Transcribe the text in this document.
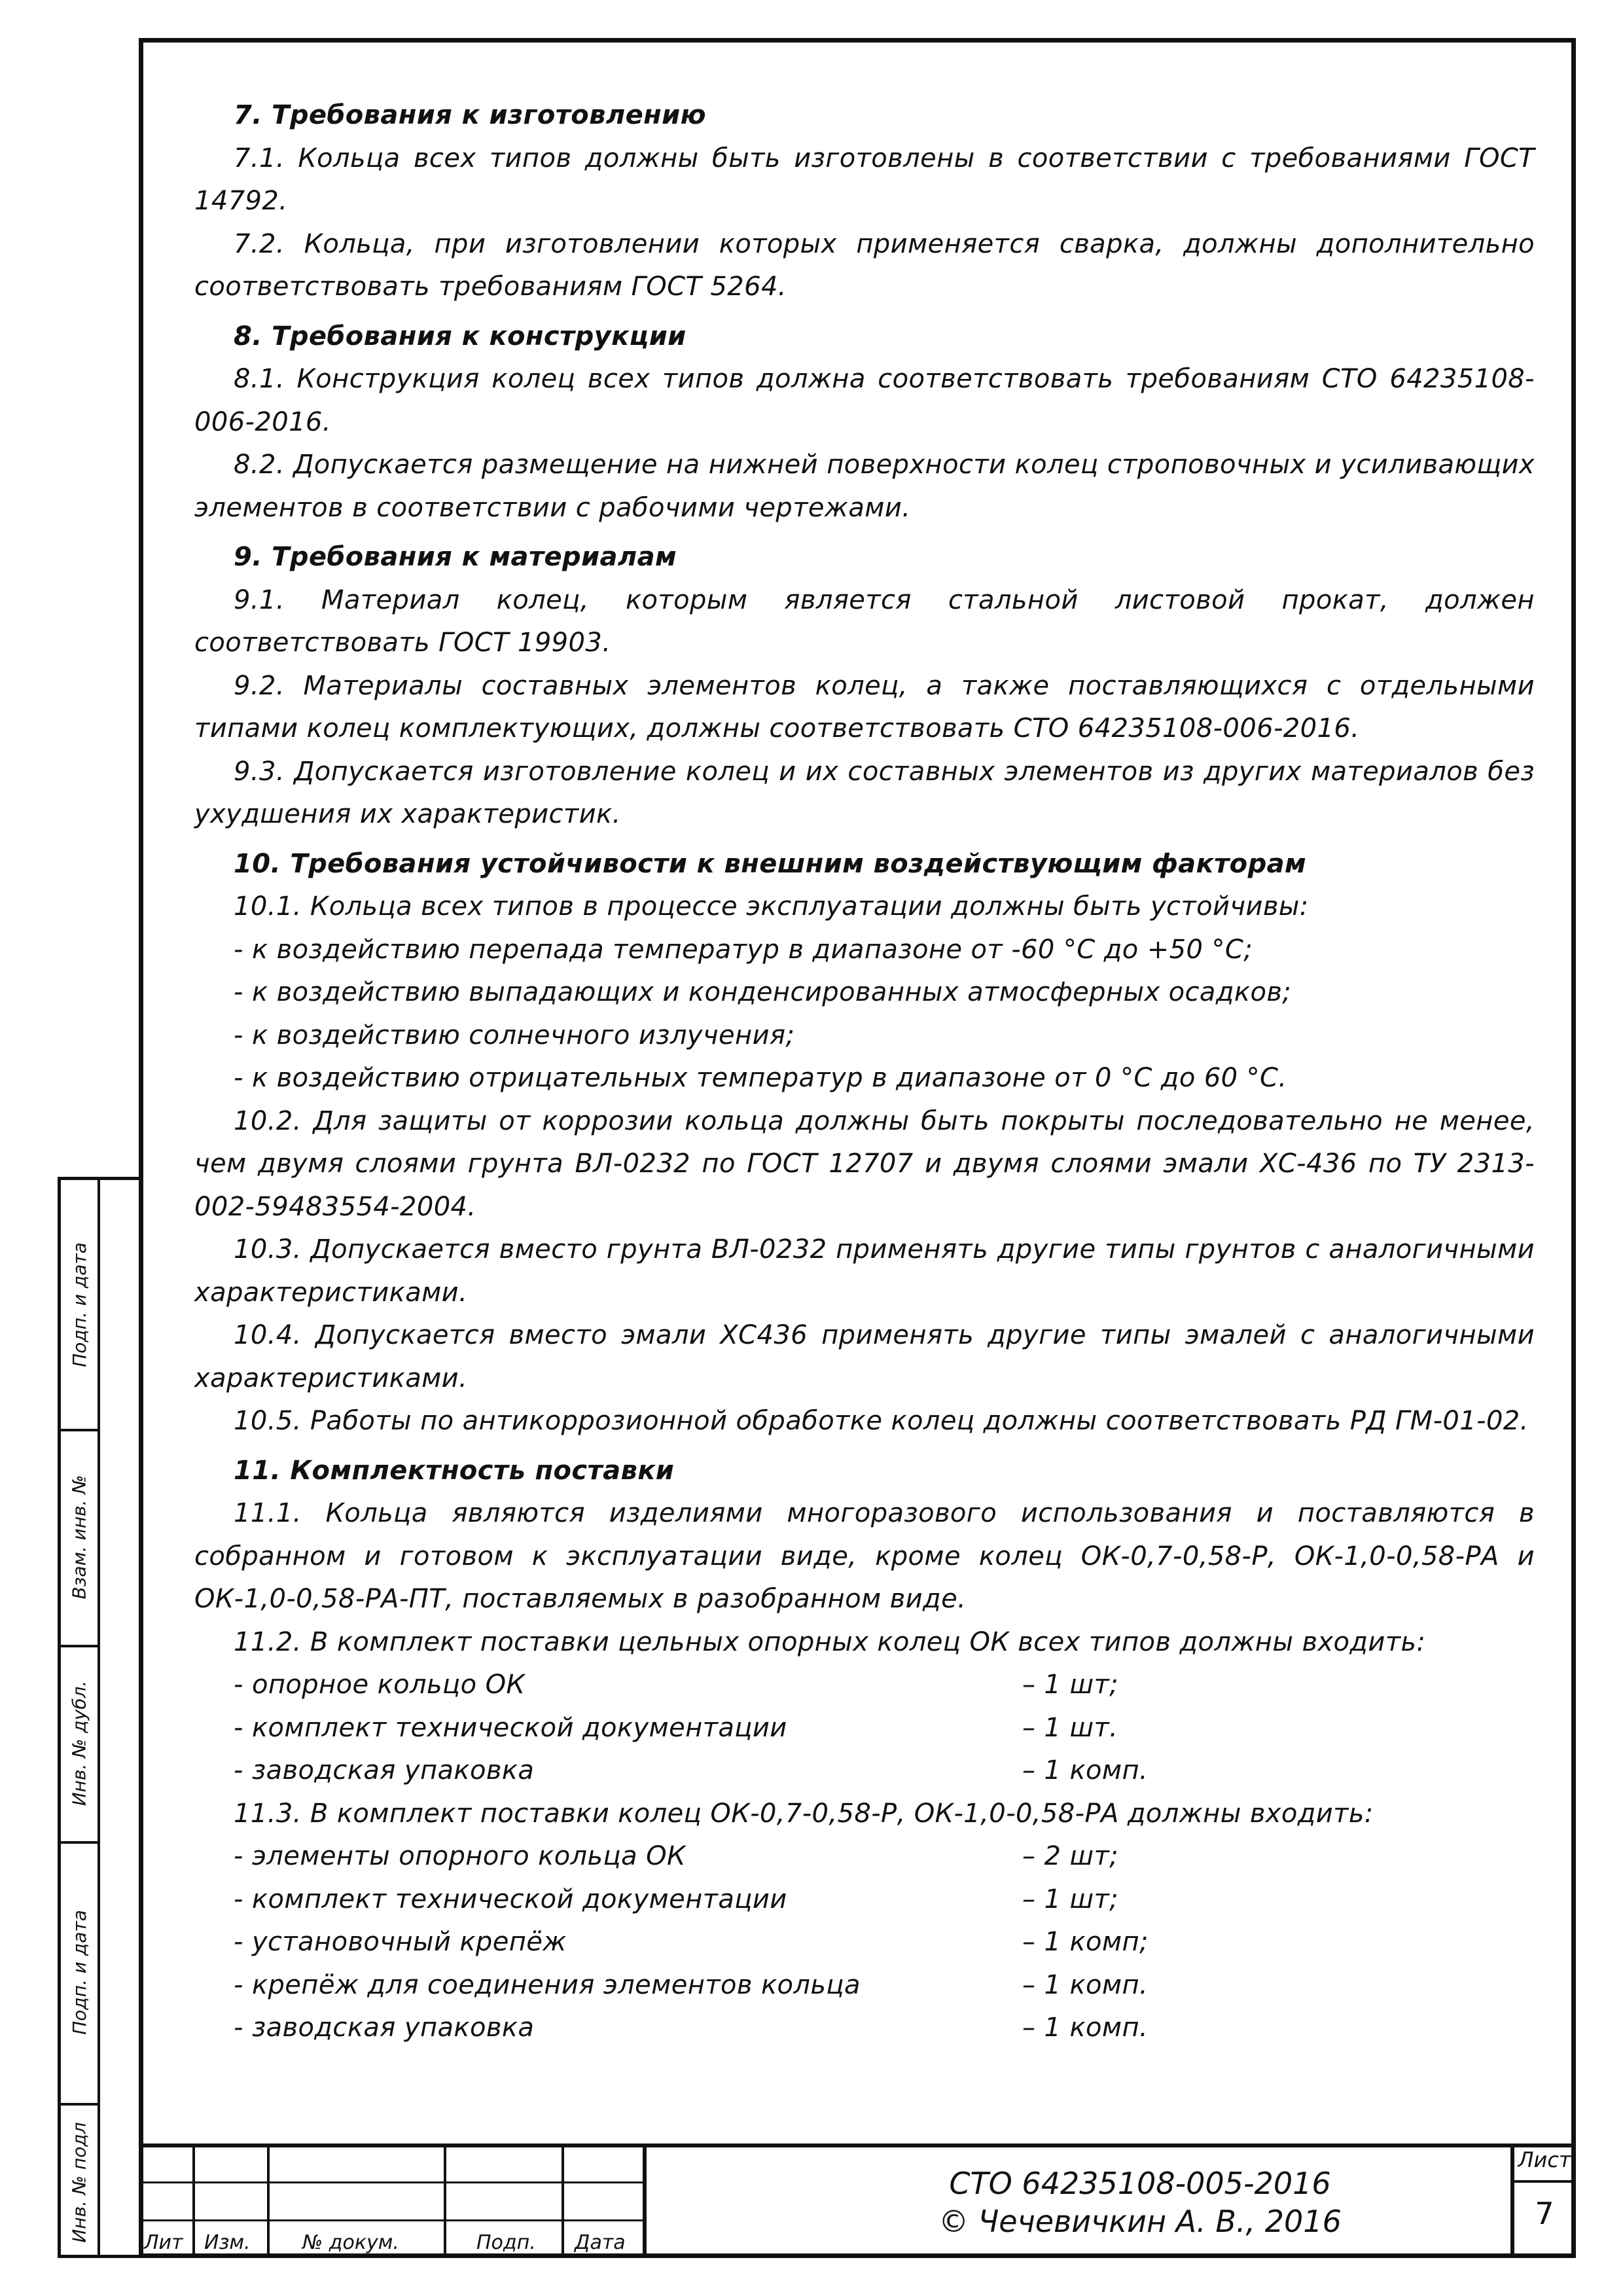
7. Требования к изготовлению
7.1. Кольца всех типов должны быть изготовлены в соответствии с требованиями ГОСТ 14792.
7.2. Кольца, при изготовлении которых применяется сварка, должны дополнительно соответствовать требованиям ГОСТ 5264.
8. Требования к конструкции
8.1. Конструкция колец всех типов должна соответствовать требованиям СТО 64235108-006-2016.
8.2. Допускается размещение на нижней поверхности колец строповочных и усиливающих элементов в соответствии с рабочими чертежами.
9. Требования к материалам
9.1. Материал колец, которым является стальной листовой прокат, должен соответствовать ГОСТ 19903.
9.2. Материалы составных элементов колец, а также поставляющихся с отдельными типами колец комплектующих, должны соответствовать СТО 64235108-006-2016.
9.3. Допускается изготовление колец и их составных элементов из других материалов без ухудшения их характеристик.
10. Требования устойчивости к внешним воздействующим факторам
10.1. Кольца всех типов в процессе эксплуатации должны быть устойчивы:
- к воздействию перепада температур в диапазоне от -60 °С до +50 °С;
- к воздействию выпадающих и конденсированных атмосферных осадков;
- к воздействию солнечного излучения;
- к воздействию отрицательных температур в диапазоне от 0 °С до 60 °С.
10.2. Для защиты от коррозии кольца должны быть покрыты последовательно не менее, чем двумя слоями грунта ВЛ-0232 по ГОСТ 12707 и двумя слоями эмали ХС-436 по ТУ 2313-002-59483554-2004.
10.3. Допускается вместо грунта ВЛ-0232 применять другие типы грунтов с аналогичными характеристиками.
10.4. Допускается вместо эмали ХС436 применять другие типы эмалей с аналогичными характеристиками.
10.5. Работы по антикоррозионной обработке колец должны соответствовать РД ГМ-01-02.
11. Комплектность поставки
11.1. Кольца являются изделиями многоразового использования и поставляются в собранном и готовом к эксплуатации виде, кроме колец ОК-0,7-0,58-Р, ОК-1,0-0,58-РА и ОК-1,0-0,58-РА-ПТ, поставляемых в разобранном виде.
11.2. В комплект поставки цельных опорных колец ОК всех типов должны входить:
- опорное кольцо ОК	– 1 шт;
- комплект технической документации	– 1 шт.
- заводская упаковка	– 1 комп.
11.3. В комплект поставки колец ОК-0,7-0,58-Р, ОК-1,0-0,58-РА должны входить:
- элементы опорного кольца ОК	– 2 шт;
- комплект технической документации	– 1 шт;
- установочный крепёж	– 1 комп;
- крепёж для соединения элементов кольца	– 1 комп.
- заводская упаковка	– 1 комп.
Подп. и дата
Взам. инв. №
Инв. № дубл.
Подп. и дата
Инв. № подл
Лит Изм.	№ докум.	Подп. Дата
СТО 64235108-005-2016
© Чечевичкин А. В., 2016
Лист
7
